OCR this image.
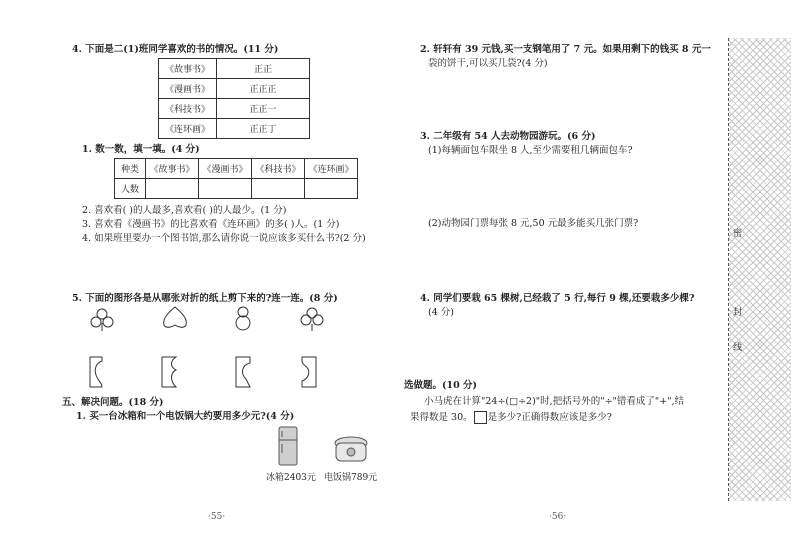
4. 下面是二(1)班同学喜欢的书的情况。(11 分)
《故事书》	正正
《漫画书》	正正正
《科技书》	正正一
《连环画》	正正丁
1. 数一数，填一填。(4 分)
种类	《故事书》	《漫画书》	《科技书》	《连环画》
人数				
2. 喜欢看( )的人最多,喜欢看( )的人最少。(1 分)
3. 喜欢看《漫画书》的比喜欢看《连环画》的多( )人。(1 分)
4. 如果班里要办一个图书馆,那么请你说一说应该多买什么书?(2 分)
5. 下面的图形各是从哪张对折的纸上剪下来的?连一连。(8 分)
五、解决问题。(18 分)
1. 买一台冰箱和一个电饭锅大约要用多少元?(4 分)
冰箱2403元 电饭锅789元
·55·
2. 轩轩有 39 元钱,买一支钢笔用了 7 元。如果用剩下的钱买 8 元一
袋的饼干,可以买几袋?(4 分)
3. 二年级有 54 人去动物园游玩。(6 分)
(1)每辆面包车限坐 8 人,至少需要租几辆面包车?
(2)动物园门票每张 8 元,50 元最多能买几张门票?
4. 同学们要栽 65 棵树,已经栽了 5 行,每行 9 棵,还要栽多少棵?
(4 分)
选做题。(10 分)
小马虎在计算"24÷(□÷2)"时,把括号外的"÷"错看成了"+",结
果得数是 30。 是多少?正确得数应该是多少?
·56·
密
封
线
